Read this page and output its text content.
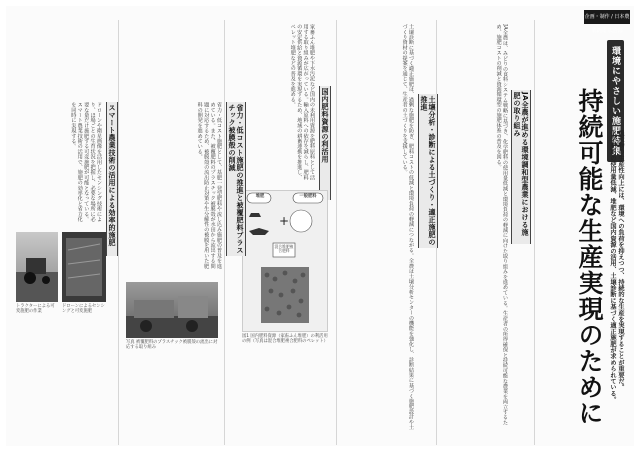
企画・制作 / 日本農業新聞 広告部
環境にやさしい施肥特集
持続可能な生産実現のために 農産物の生産性向上には、環境への負荷を抑えつつ、持続的な生産を実現することが重要だ。
化学肥料の使用量低減、堆肥など国内資源の活用、土壌診断に基づく適正施肥が求められている。
JA全農が進める環境調和型農業における施肥の取り組み
JA全農は、みどりの食料システム戦略に基づき、化学肥料の使用量低減と環境負荷の軽減に向けた取り組みを進めている。生産者の所得確保と持続可能な農業を両立するため、施肥コストの削減と資源循環型の施肥体系の普及を図る。
土壌分析・診断による土づくり・適正施肥の推進
土壌診断に基づく適正施肥は、過剰な施肥を防ぎ、肥料コストの低減と環境負荷の軽減につながる。全農は土壌分析センターの機能を強化し、診断結果に基づく施肥設計や土づくり資材の提案を通じて、生産者の土づくりを支援している。
国内肥料資源の利活用
家畜ふん堆肥や下水汚泥など国内の未利用資源を肥料原料として活用する取り組みが広がっている。輸入原料への依存を減らし、肥料の安定供給と資源循環を実現するため、地域の耕畜連携を推進し、ペレット堆肥などの普及を進める。
+
堆肥	一般肥料
混合堆肥複合肥料
図1 国内肥料資源（家畜ふん堆肥）の利活用の例（写真は混合堆肥複合肥料のペレット）
省力・低コスト施肥の推進と被覆肥料プラスチック被膜殻の削減
省力・低コスト施肥として、基肥一発型肥料や流し込み施肥の普及を進めている。また、被覆肥料のプラスチック被膜殻が水田から流出する問題に対応するため、被膜殻の流出防止対策や生分解性の被膜を用いた肥料の開発を進めている。
写真 被覆肥料のプラスチック被膜殻の流出に対応する取り組み
スマート農業技術の活用による効率的施肥
ドローンや衛星画像を活用したセンシング技術により、ほ場ごとの生育状況を把握し、必要な場所に必要な量だけ施肥する可変施肥が可能となっている。スマート農業技術の活用で、施肥の効率化と省力化を同時に実現する。
ドローンによるセンシングと可変施肥
トラクターによる可変施肥の作業
